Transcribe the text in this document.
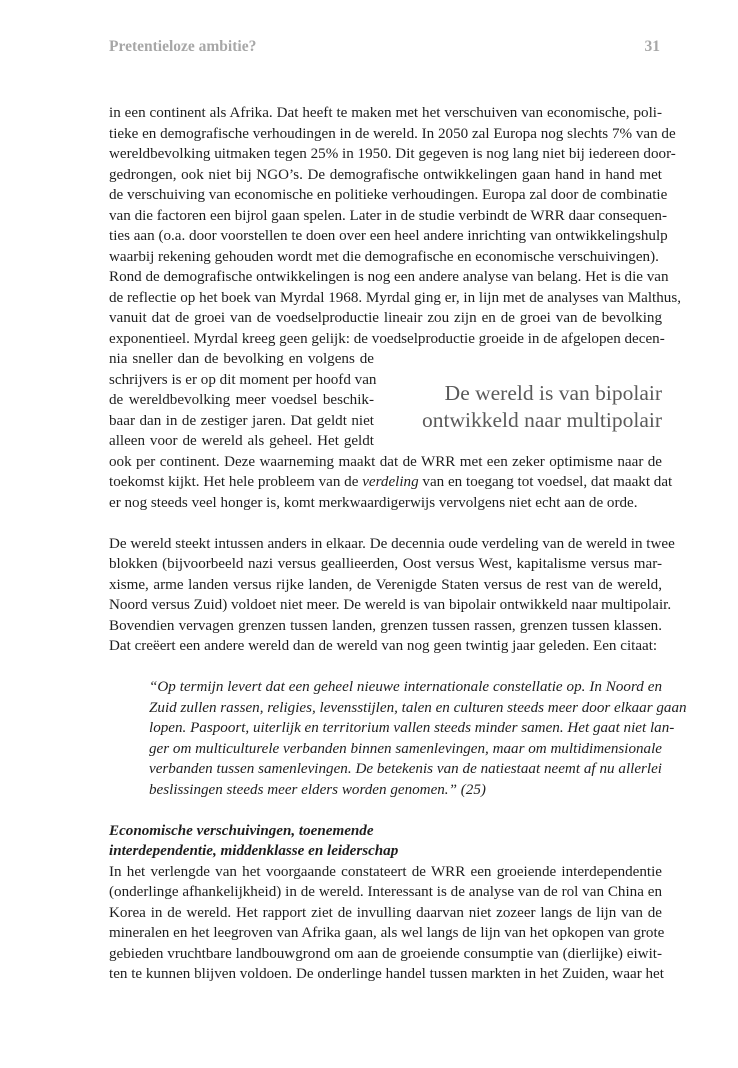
Pretentieloze ambitie?	31
in een continent als Afrika. Dat heeft te maken met het verschuiven van economische, poli-
tieke en demografische verhoudingen in de wereld. In 2050 zal Europa nog slechts 7% van de
wereldbevolking uitmaken tegen 25% in 1950. Dit gegeven is nog lang niet bij iedereen door-
gedrongen, ook niet bij NGO’s. De demografische ontwikkelingen gaan hand in hand met
de verschuiving van economische en politieke verhoudingen. Europa zal door de combinatie
van die factoren een bijrol gaan spelen. Later in de studie verbindt de WRR daar consequen-
ties aan (o.a. door voorstellen te doen over een heel andere inrichting van ontwikkelingshulp
waarbij rekening gehouden wordt met die demografische en economische verschuivingen).
Rond de demografische ontwikkelingen is nog een andere analyse van belang. Het is die van
de reflectie op het boek van Myrdal 1968. Myrdal ging er, in lijn met de analyses van Malthus,
vanuit dat de groei van de voedselproductie lineair zou zijn en de groei van de bevolking
exponentieel. Myrdal kreeg geen gelijk: de voedselproductie groeide in de afgelopen decen-
nia sneller dan de bevolking en volgens de
schrijvers is er op dit moment per hoofd van
de wereldbevolking meer voedsel beschik-
baar dan in de zestiger jaren. Dat geldt niet
alleen voor de wereld als geheel. Het geldt
ook per continent. Deze waarneming maakt dat de WRR met een zeker optimisme naar de
toekomst kijkt. Het hele probleem van de verdeling van en toegang tot voedsel, dat maakt dat
er nog steeds veel honger is, komt merkwaardigerwijs vervolgens niet echt aan de orde.
De wereld steekt intussen anders in elkaar. De decennia oude verdeling van de wereld in twee
blokken (bijvoorbeeld nazi versus geallieerden, Oost versus West, kapitalisme versus mar-
xisme, arme landen versus rijke landen, de Verenigde Staten versus de rest van de wereld,
Noord versus Zuid) voldoet niet meer. De wereld is van bipolair ontwikkeld naar multipolair.
Bovendien vervagen grenzen tussen landen, grenzen tussen rassen, grenzen tussen klassen.
Dat creëert een andere wereld dan de wereld van nog geen twintig jaar geleden. Een citaat:
“Op termijn levert dat een geheel nieuwe internationale constellatie op. In Noord en
Zuid zullen rassen, religies, levensstijlen, talen en culturen steeds meer door elkaar gaan
lopen. Paspoort, uiterlijk en territorium vallen steeds minder samen. Het gaat niet lan-
ger om multiculturele verbanden binnen samenlevingen, maar om multidimensionale
verbanden tussen samenlevingen. De betekenis van de natiestaat neemt af nu allerlei
beslissingen steeds meer elders worden genomen.” (25)
Economische verschuivingen, toenemende
interdependentie, middenklasse en leiderschap
In het verlengde van het voorgaande constateert de WRR een groeiende interdependentie
(onderlinge afhankelijkheid) in de wereld. Interessant is de analyse van de rol van China en
Korea in de wereld. Het rapport ziet de invulling daarvan niet zozeer langs de lijn van de
mineralen en het leegroven van Afrika gaan, als wel langs de lijn van het opkopen van grote
gebieden vruchtbare landbouwgrond om aan de groeiende consumptie van (dierlijke) eiwit-
ten te kunnen blijven voldoen. De onderlinge handel tussen markten in het Zuiden, waar het
De wereld is van bipolair
ontwikkeld naar multipolair
